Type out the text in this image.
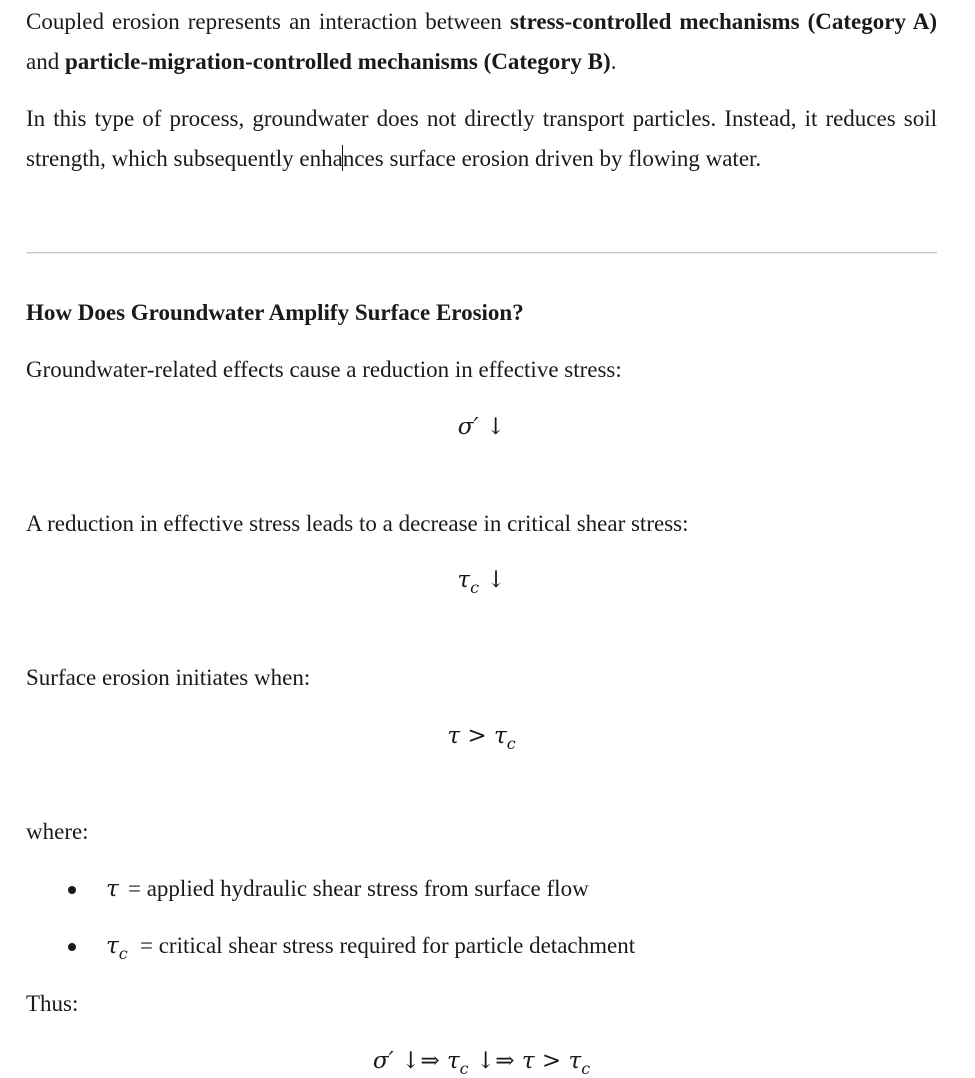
Coupled erosion represents an interaction between stress-controlled mechanisms (Category A) and particle-migration-controlled mechanisms (Category B).

In this type of process, groundwater does not directly transport particles. Instead, it reduces soil strength, which subsequently enhances surface erosion driven by flowing water.

How Does Groundwater Amplify Surface Erosion?

Groundwater-related effects cause a reduction in effective stress:

σ′ ↓

A reduction in effective stress leads to a decrease in critical shear stress:

$\tau_c$ ↓

Surface erosion initiates when:

$\tau > \tau_c$

where:

τ = applied hydraulic shear stress from surface flow
$\tau_c$ = critical shear stress required for particle detachment

Thus:

σ′ ↓⇒ $\tau_c$ ↓⇒ $\tau > \tau_c$
